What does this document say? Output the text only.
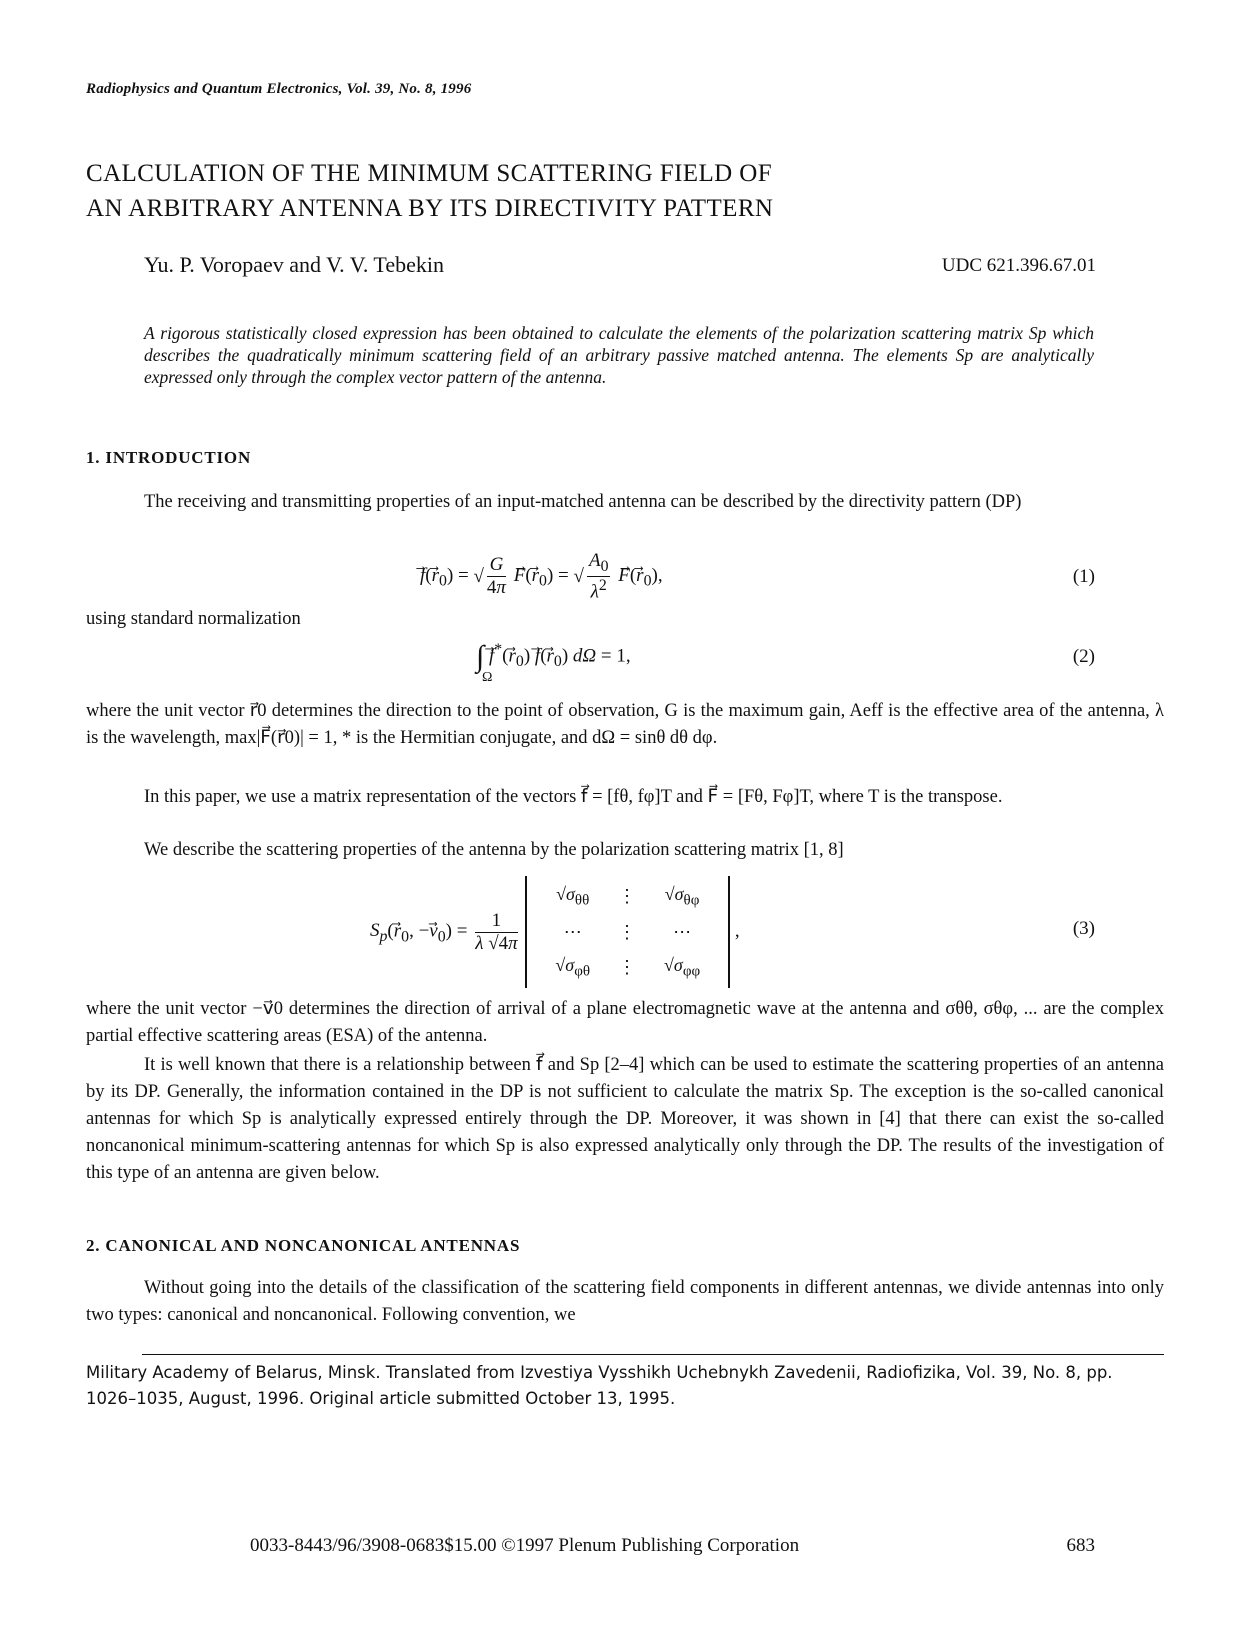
Radiophysics and Quantum Electronics, Vol. 39, No. 8, 1996
CALCULATION OF THE MINIMUM SCATTERING FIELD OF
AN ARBITRARY ANTENNA BY ITS DIRECTIVITY PATTERN
Yu. P. Voropaev and V. V. Tebekin	UDC 621.396.67.01
A rigorous statistically closed expression has been obtained to calculate the elements of the polarization scattering matrix Sp which describes the quadratically minimum scattering field of an arbitrary passive matched antenna. The elements Sp are analytically expressed only through the complex vector pattern of the antenna.
1. INTRODUCTION
The receiving and transmitting properties of an input-matched antenna can be described by the directivity pattern (DP)
$f⃗(r_0)$ = √ $\frac{G}{4\pi}$ $F⃗(r_0)$ = √ $\frac{A_0}{\lambda^2}$ $F⃗(r_0)$,	(1)
using standard normalization
∫ $f^*(r_0)$ $f⃗(r_0) d\Omega = 1$,
Ω
(2)
where the unit vector r⃗0 determines the direction to the point of observation, G is the maximum gain, Aeff is the effective area of the antenna, λ is the wavelength, max|F⃗(r⃗0)| = 1, * is the Hermitian conjugate, and dΩ = sinθ dθ dφ.
In this paper, we use a matrix representation of the vectors f⃗ = [fθ, fφ]T and F⃗ = [Fθ, Fφ]T, where T is the transpose.
We describe the scattering properties of the antenna by the polarization scattering matrix [1, 8]
$S_p(r_0$, $-v_0) = \frac{1}{\lambda √4\pi}$

$√\sigma_{\theta\theta}$	⋮	$√\sigma_{\theta\varphi}$
⋯	⋮	⋯
$√\sigma_{\varphi\theta}$	⋮	$√\sigma_{\varphi\varphi}$
,	(3)
where the unit vector −v⃗0 determines the direction of arrival of a plane electromagnetic wave at the antenna and σθθ, σθφ, ... are the complex partial effective scattering areas (ESA) of the antenna.
It is well known that there is a relationship between f⃗ and Sp [2–4] which can be used to estimate the scattering properties of an antenna by its DP. Generally, the information contained in the DP is not sufficient to calculate the matrix Sp. The exception is the so-called canonical antennas for which Sp is analytically expressed entirely through the DP. Moreover, it was shown in [4] that there can exist the so-called noncanonical minimum-scattering antennas for which Sp is also expressed analytically only through the DP. The results of the investigation of this type of an antenna are given below.
2. CANONICAL AND NONCANONICAL ANTENNAS
Without going into the details of the classification of the scattering field components in different antennas, we divide antennas into only two types: canonical and noncanonical. Following convention, we
Military Academy of Belarus, Minsk. Translated from Izvestiya Vysshikh Uchebnykh Zavedenii, Radiofizika, Vol. 39, No. 8, pp. 1026–1035, August, 1996. Original article submitted October 13, 1995.
0033-8443/96/3908-0683$15.00 ©1997 Plenum Publishing Corporation	683
